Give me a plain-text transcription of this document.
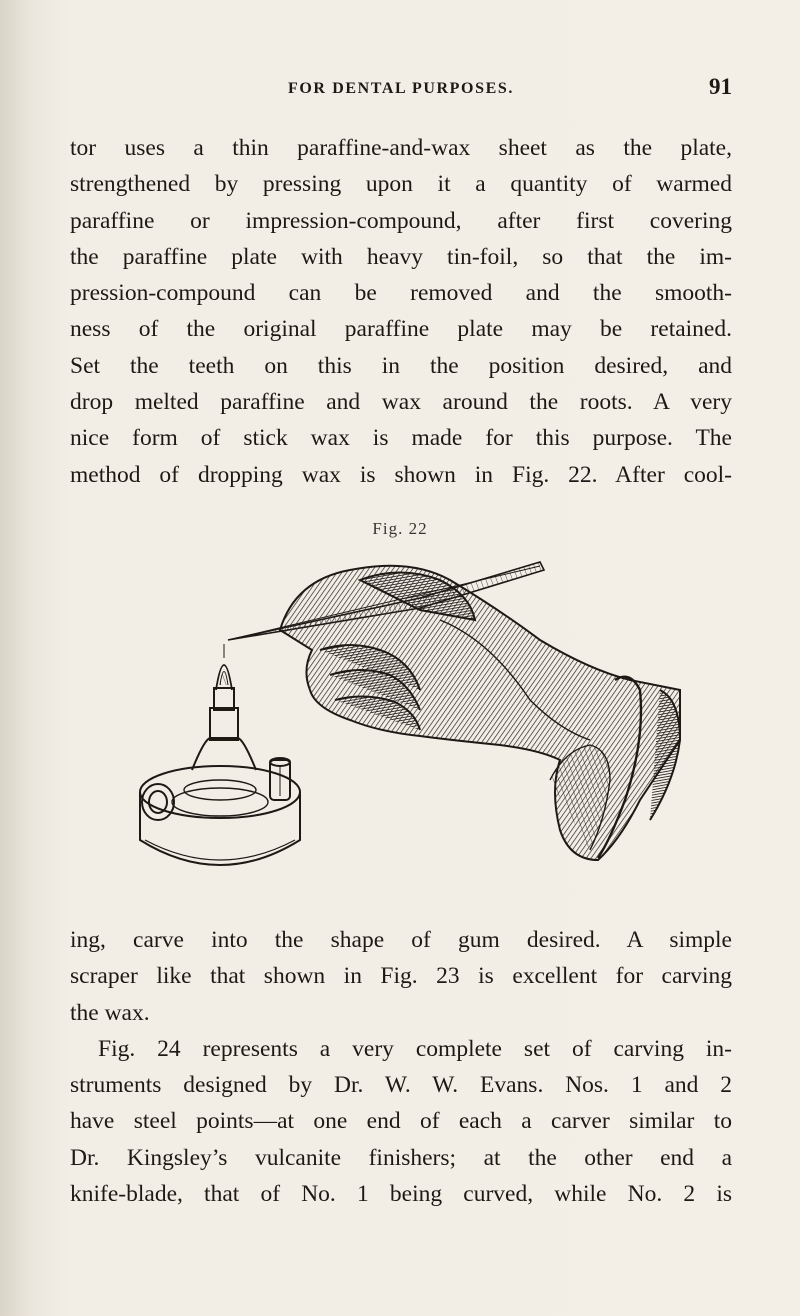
FOR DENTAL PURPOSES.	91
tor uses a thin paraffine-and-wax sheet as the plate,
strengthened by pressing upon it a quantity of warmed
paraffine or impression-compound, after first covering
the paraffine plate with heavy tin-foil, so that the im-
pression-compound can be removed and the smooth-
ness of the original paraffine plate may be retained.
Set the teeth on this in the position desired, and
drop melted paraffine and wax around the roots. A very
nice form of stick wax is made for this purpose. The
method of dropping wax is shown in Fig. 22. After cool-
Fig. 22
ing, carve into the shape of gum desired. A simple
scraper like that shown in Fig. 23 is excellent for carving
the wax.
Fig. 24 represents a very complete set of carving in-
struments designed by Dr. W. W. Evans. Nos. 1 and 2
have steel points—at one end of each a carver similar to
Dr. Kingsley’s vulcanite finishers; at the other end a
knife-blade, that of No. 1 being curved, while No. 2 is
